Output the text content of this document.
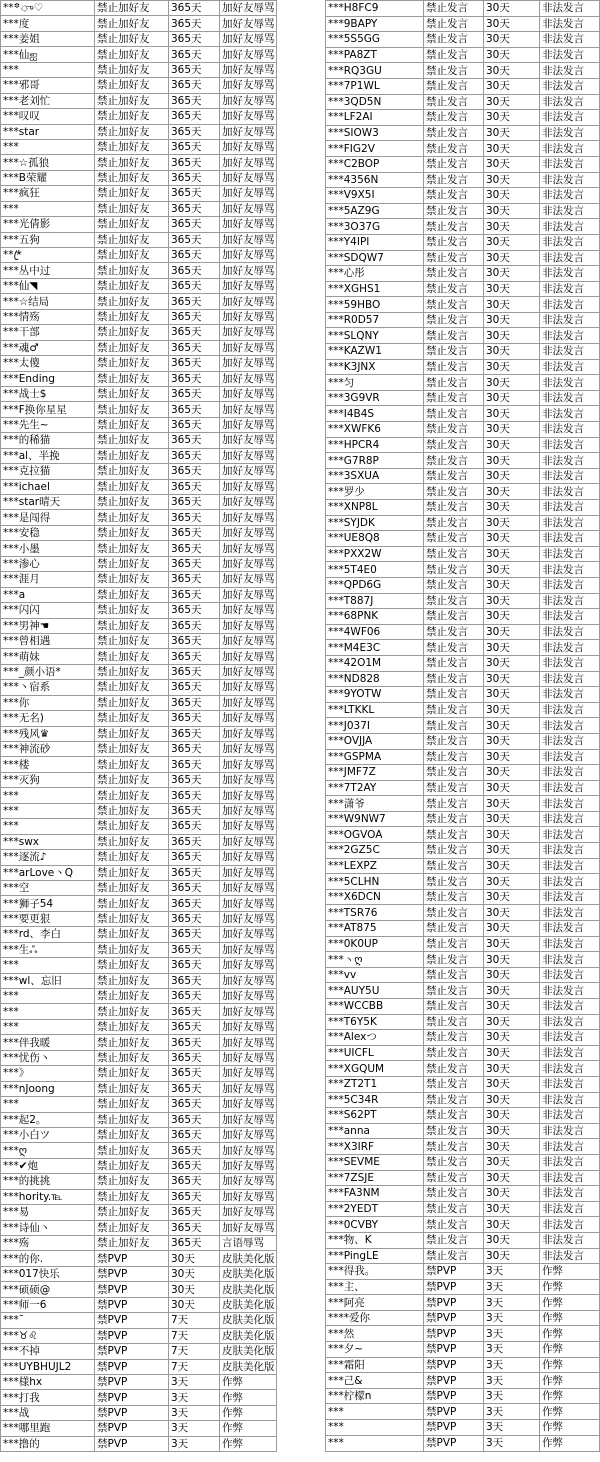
***ு♡	禁止加好友	365天	加好友辱骂
***度	禁止加好友	365天	加好友辱骂
***姜姐	禁止加好友	365天	加好友辱骂
***仙ஐ	禁止加好友	365天	加好友辱骂
***	禁止加好友	365天	加好友辱骂
***邪哥	禁止加好友	365天	加好友辱骂
***老刘忙	禁止加好友	365天	加好友辱骂
***叹叹	禁止加好友	365天	加好友辱骂
***star	禁止加好友	365天	加好友辱骂
***	禁止加好友	365天	加好友辱骂
***☆孤狼	禁止加好友	365天	加好友辱骂
***B荣耀	禁止加好友	365天	加好友辱骂
***疯狂	禁止加好友	365天	加好友辱骂
***	禁止加好友	365天	加好友辱骂
***光倩影	禁止加好友	365天	加好友辱骂
***五狗	禁止加好友	365天	加好友辱骂
***ꦿ	禁止加好友	365天	加好友辱骂
***丛中过	禁止加好友	365天	加好友辱骂
***仙◥	禁止加好友	365天	加好友辱骂
***☆结局	禁止加好友	365天	加好友辱骂
***情殇	禁止加好友	365天	加好友辱骂
***干部	禁止加好友	365天	加好友辱骂
***魂♂	禁止加好友	365天	加好友辱骂
***太傻	禁止加好友	365天	加好友辱骂
***Ending	禁止加好友	365天	加好友辱骂
***战士$	禁止加好友	365天	加好友辱骂
***F换你星星	禁止加好友	365天	加好友辱骂
***先生~	禁止加好友	365天	加好友辱骂
***的稀猫	禁止加好友	365天	加好友辱骂
***al、半挽	禁止加好友	365天	加好友辱骂
***克拉猫	禁止加好友	365天	加好友辱骂
***ichael	禁止加好友	365天	加好友辱骂
***star晴天	禁止加好友	365天	加好友辱骂
***是闯得	禁止加好友	365天	加好友辱骂
***安稳	禁止加好友	365天	加好友辱骂
***小墨	禁止加好友	365天	加好友辱骂
***渗心	禁止加好友	365天	加好友辱骂
***涯月	禁止加好友	365天	加好友辱骂
***a	禁止加好友	365天	加好友辱骂
***闪闪	禁止加好友	365天	加好友辱骂
***男神☚	禁止加好友	365天	加好友辱骂
***曾相遇	禁止加好友	365天	加好友辱骂
***萌妹	禁止加好友	365天	加好友辱骂
***_颜小语*	禁止加好友	365天	加好友辱骂
***丶宿系	禁止加好友	365天	加好友辱骂
***你	禁止加好友	365天	加好友辱骂
***无名)	禁止加好友	365天	加好友辱骂
***残风♛	禁止加好友	365天	加好友辱骂
***神流砂	禁止加好友	365天	加好友辱骂
***楼	禁止加好友	365天	加好友辱骂
***灭狗	禁止加好友	365天	加好友辱骂
***	禁止加好友	365天	加好友辱骂
***	禁止加好友	365天	加好友辱骂
***	禁止加好友	365天	加好友辱骂
***swx	禁止加好友	365天	加好友辱骂
***逐流♪	禁止加好友	365天	加好友辱骂
***arLove丶Q	禁止加好友	365天	加好友辱骂
***空	禁止加好友	365天	加好友辱骂
***狮子54	禁止加好友	365天	加好友辱骂
***要更狠	禁止加好友	365天	加好友辱骂
***rd、李白	禁止加好友	365天	加好友辱骂
***生ஃ	禁止加好友	365天	加好友辱骂
***	禁止加好友	365天	加好友辱骂
***wl、忘旧	禁止加好友	365天	加好友辱骂
***	禁止加好友	365天	加好友辱骂
***	禁止加好友	365天	加好友辱骂
***	禁止加好友	365天	加好友辱骂
***伴我暖	禁止加好友	365天	加好友辱骂
***忧伤丶	禁止加好友	365天	加好友辱骂
***》	禁止加好友	365天	加好友辱骂
***nJoong	禁止加好友	365天	加好友辱骂
***	禁止加好友	365天	加好友辱骂
***起2。	禁止加好友	365天	加好友辱骂
***小白ツ	禁止加好友	365天	加好友辱骂
***ღ	禁止加好友	365天	加好友辱骂
***✔炮	禁止加好友	365天	加好友辱骂
***的挑挑	禁止加好友	365天	加好友辱骂
***hority.℡	禁止加好友	365天	加好友辱骂
***易	禁止加好友	365天	加好友辱骂
***诗仙丶	禁止加好友	365天	加好友辱骂
***殇	禁止加好友	365天	言语辱骂
***的你.	禁PVP	30天	皮肤美化版
***017快乐	禁PVP	30天	皮肤美化版
***硕硕@	禁PVP	30天	皮肤美化版
***师一6	禁PVP	30天	皮肤美化版
***ˉ	禁PVP	7天	皮肤美化版
***♉♌	禁PVP	7天	皮肤美化版
***不掉	禁PVP	7天	皮肤美化版
***UYBHUJL2	禁PVP	7天	皮肤美化版
***様hx	禁PVP	3天	作弊
***打我	禁PVP	3天	作弊
***战	禁PVP	3天	作弊
***哪里跑	禁PVP	3天	作弊
***撸的	禁PVP	3天	作弊
***H8FC9	禁止发言	30天	非法发言
***9BAPY	禁止发言	30天	非法发言
***5S5GG	禁止发言	30天	非法发言
***PA8ZT	禁止发言	30天	非法发言
***RQ3GU	禁止发言	30天	非法发言
***7P1WL	禁止发言	30天	非法发言
***3QD5N	禁止发言	30天	非法发言
***LF2AI	禁止发言	30天	非法发言
***SIOW3	禁止发言	30天	非法发言
***FIG2V	禁止发言	30天	非法发言
***C2BOP	禁止发言	30天	非法发言
***4356N	禁止发言	30天	非法发言
***V9X5I	禁止发言	30天	非法发言
***5AZ9G	禁止发言	30天	非法发言
***3O37G	禁止发言	30天	非法发言
***Y4IPI	禁止发言	30天	非法发言
***SDQW7	禁止发言	30天	非法发言
***心彤	禁止发言	30天	非法发言
***XGHS1	禁止发言	30天	非法发言
***59HBO	禁止发言	30天	非法发言
***R0D57	禁止发言	30天	非法发言
***SLQNY	禁止发言	30天	非法发言
***KAZW1	禁止发言	30天	非法发言
***K3JNX	禁止发言	30天	非法发言
***匀	禁止发言	30天	非法发言
***3G9VR	禁止发言	30天	非法发言
***I4B4S	禁止发言	30天	非法发言
***XWFK6	禁止发言	30天	非法发言
***HPCR4	禁止发言	30天	非法发言
***G7R8P	禁止发言	30天	非法发言
***3SXUA	禁止发言	30天	非法发言
***罗少	禁止发言	30天	非法发言
***XNP8L	禁止发言	30天	非法发言
***SYJDK	禁止发言	30天	非法发言
***UE8Q8	禁止发言	30天	非法发言
***PXX2W	禁止发言	30天	非法发言
***5T4E0	禁止发言	30天	非法发言
***QPD6G	禁止发言	30天	非法发言
***T887J	禁止发言	30天	非法发言
***68PNK	禁止发言	30天	非法发言
***4WF06	禁止发言	30天	非法发言
***M4E3C	禁止发言	30天	非法发言
***42O1M	禁止发言	30天	非法发言
***ND828	禁止发言	30天	非法发言
***9YOTW	禁止发言	30天	非法发言
***LTKKL	禁止发言	30天	非法发言
***J037I	禁止发言	30天	非法发言
***OVJJA	禁止发言	30天	非法发言
***GSPMA	禁止发言	30天	非法发言
***JMF7Z	禁止发言	30天	非法发言
***7T2AY	禁止发言	30天	非法发言
***潇爷	禁止发言	30天	非法发言
***W9NW7	禁止发言	30天	非法发言
***OGVOA	禁止发言	30天	非法发言
***2GZ5C	禁止发言	30天	非法发言
***LEXPZ	禁止发言	30天	非法发言
***5CLHN	禁止发言	30天	非法发言
***X6DCN	禁止发言	30天	非法发言
***TSR76	禁止发言	30天	非法发言
***AT875	禁止发言	30天	非法发言
***0K0UP	禁止发言	30天	非法发言
***丶ღ	禁止发言	30天	非法发言
***vv	禁止发言	30天	非法发言
***AUY5U	禁止发言	30天	非法发言
***WCCBB	禁止发言	30天	非法发言
***T6Y5K	禁止发言	30天	非法发言
***Alexつ	禁止发言	30天	非法发言
***UICFL	禁止发言	30天	非法发言
***XGQUM	禁止发言	30天	非法发言
***ZT2T1	禁止发言	30天	非法发言
***5C34R	禁止发言	30天	非法发言
***S62PT	禁止发言	30天	非法发言
***anna	禁止发言	30天	非法发言
***X3IRF	禁止发言	30天	非法发言
***SEVME	禁止发言	30天	非法发言
***7ZSJE	禁止发言	30天	非法发言
***FA3NM	禁止发言	30天	非法发言
***2YEDT	禁止发言	30天	非法发言
***0CVBY	禁止发言	30天	非法发言
***物、K	禁止发言	30天	非法发言
***PingLE	禁止发言	30天	非法发言
***得我。	禁PVP	3天	作弊
***主、	禁PVP	3天	作弊
***阿亮	禁PVP	3天	作弊
****爱你	禁PVP	3天	作弊
***然	禁PVP	3天	作弊
***夕~	禁PVP	3天	作弊
***霜阳	禁PVP	3天	作弊
***己&	禁PVP	3天	作弊
***柠檬n	禁PVP	3天	作弊
***	禁PVP	3天	作弊
***	禁PVP	3天	作弊
***	禁PVP	3天	作弊
